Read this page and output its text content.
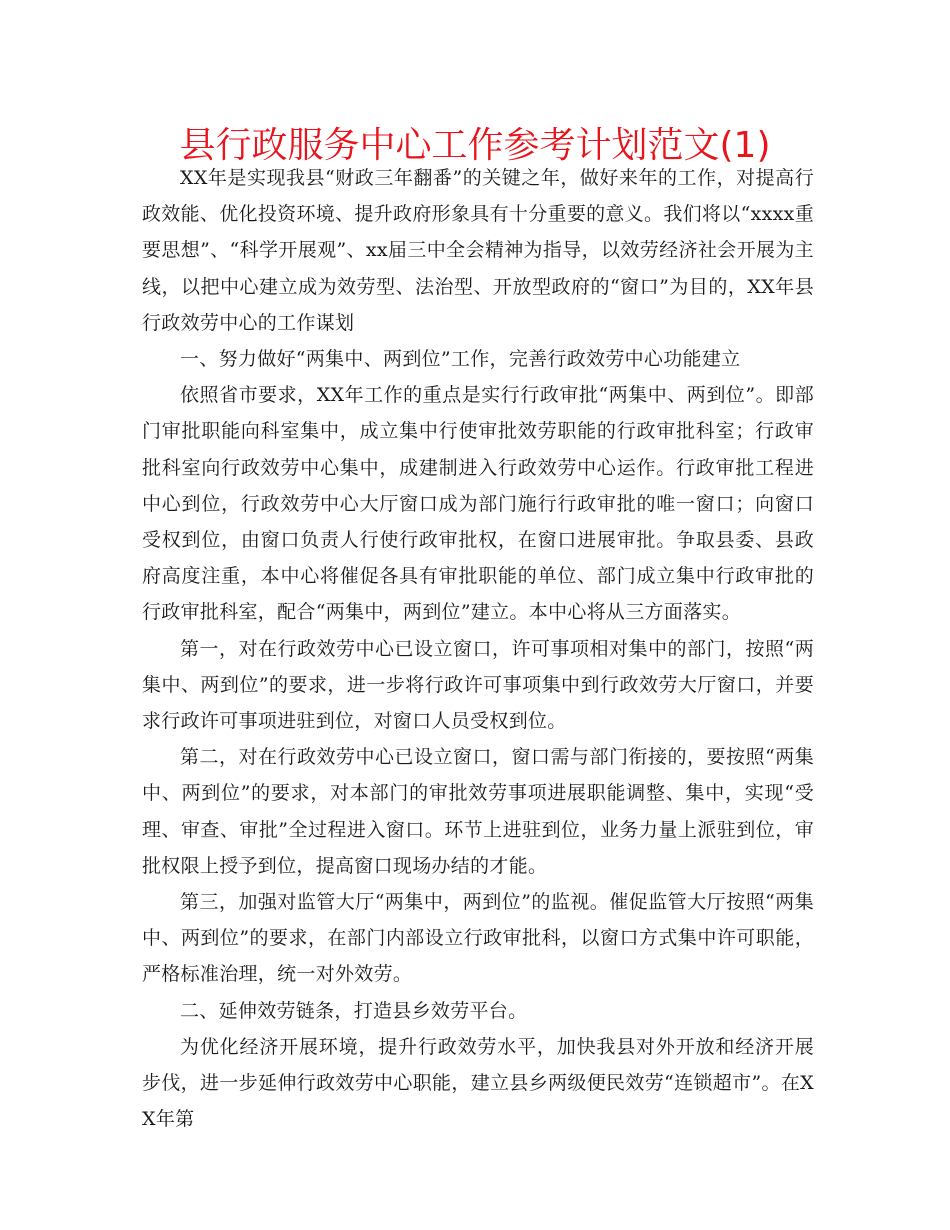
县行政服务中心工作参考计划范文(1)

XX年是实现我县“财政三年翻番”的关键之年，做好来年的工作，对提高行政效能、优化投资环境、提升政府形象具有十分重要的意义。我们将以“xxxx重要思想”、“科学开展观”、xx届三中全会精神为指导，以效劳经济社会开展为主线，以把中心建立成为效劳型、法治型、开放型政府的“窗口”为目的，XX年县行政效劳中心的工作谋划

一、努力做好“两集中、两到位”工作，完善行政效劳中心功能建立

依照省市要求，XX年工作的重点是实行行政审批“两集中、两到位”。即部门审批职能向科室集中，成立集中行使审批效劳职能的行政审批科室；行政审批科室向行政效劳中心集中，成建制进入行政效劳中心运作。行政审批工程进中心到位，行政效劳中心大厅窗口成为部门施行行政审批的唯一窗口；向窗口受权到位，由窗口负责人行使行政审批权，在窗口进展审批。争取县委、县政府高度注重，本中心将催促各具有审批职能的单位、部门成立集中行政审批的行政审批科室，配合“两集中，两到位”建立。本中心将从三方面落实。

第一，对在行政效劳中心已设立窗口，许可事项相对集中的部门，按照“两集中、两到位”的要求，进一步将行政许可事项集中到行政效劳大厅窗口，并要求行政许可事项进驻到位，对窗口人员受权到位。

第二，对在行政效劳中心已设立窗口，窗口需与部门衔接的，要按照“两集中、两到位”的要求，对本部门的审批效劳事项进展职能调整、集中，实现“受理、审查、审批”全过程进入窗口。环节上进驻到位，业务力量上派驻到位，审批权限上授予到位，提高窗口现场办结的才能。

第三，加强对监管大厅“两集中，两到位”的监视。催促监管大厅按照“两集中、两到位”的要求，在部门内部设立行政审批科，以窗口方式集中许可职能，严格标准治理，统一对外效劳。

二、延伸效劳链条，打造县乡效劳平台。

为优化经济开展环境，提升行政效劳水平，加快我县对外开放和经济开展步伐，进一步延伸行政效劳中心职能，建立县乡两级便民效劳“连锁超市”。在XX年第
